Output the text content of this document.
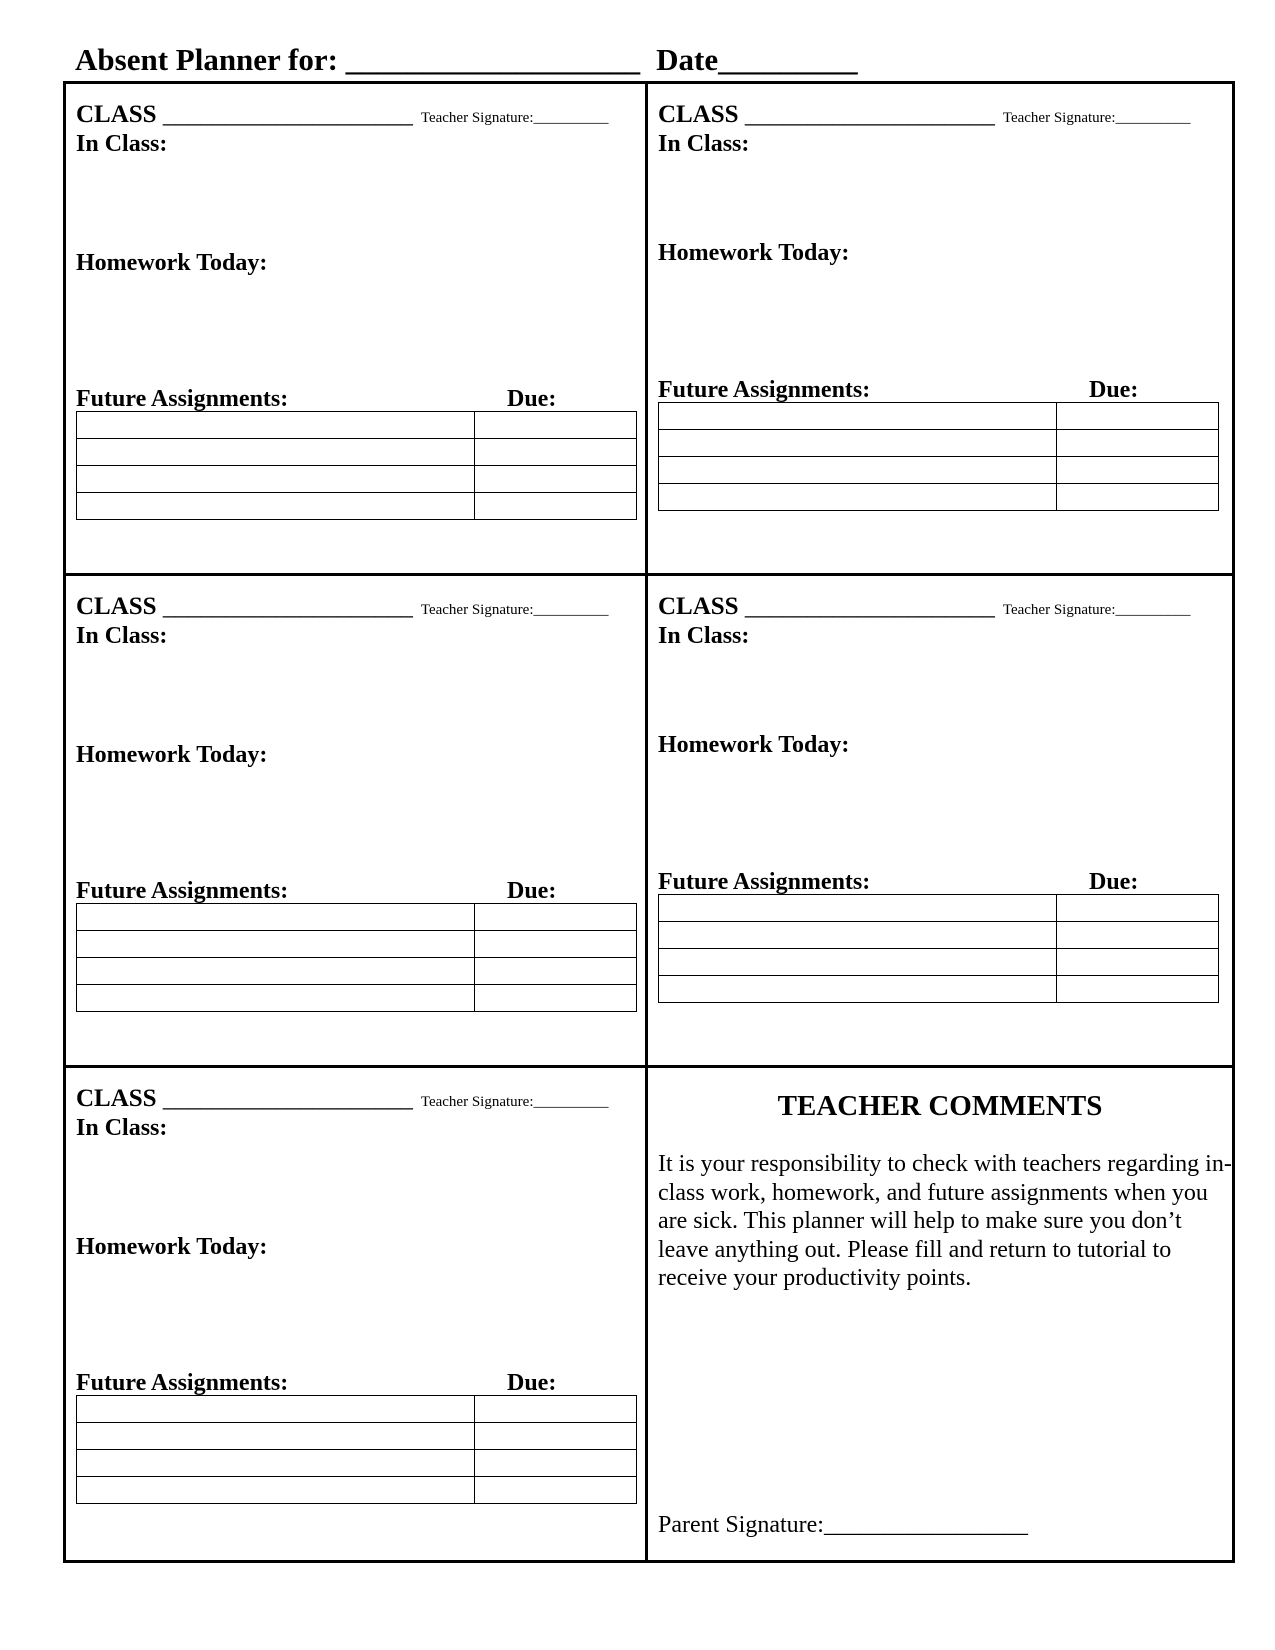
Absent Planner for: ___________________ Date_________
CLASS ____________________ Teacher Signature:__________
In Class:
Homework Today:
Future Assignments:	Due:

CLASS ____________________ Teacher Signature:__________
In Class:
Homework Today:
Future Assignments:	Due:

CLASS ____________________ Teacher Signature:__________
In Class:
Homework Today:
Future Assignments:	Due:

CLASS ____________________ Teacher Signature:__________
In Class:
Homework Today:
Future Assignments:	Due:

CLASS ____________________ Teacher Signature:__________
In Class:
Homework Today:
Future Assignments:	Due:

TEACHER COMMENTS
It is your responsibility to check with teachers regarding in-class work, homework, and future assignments when you are sick. This planner will help to make sure you don’t leave anything out. Please fill and return to tutorial to receive your productivity points.
Parent Signature:_________________
